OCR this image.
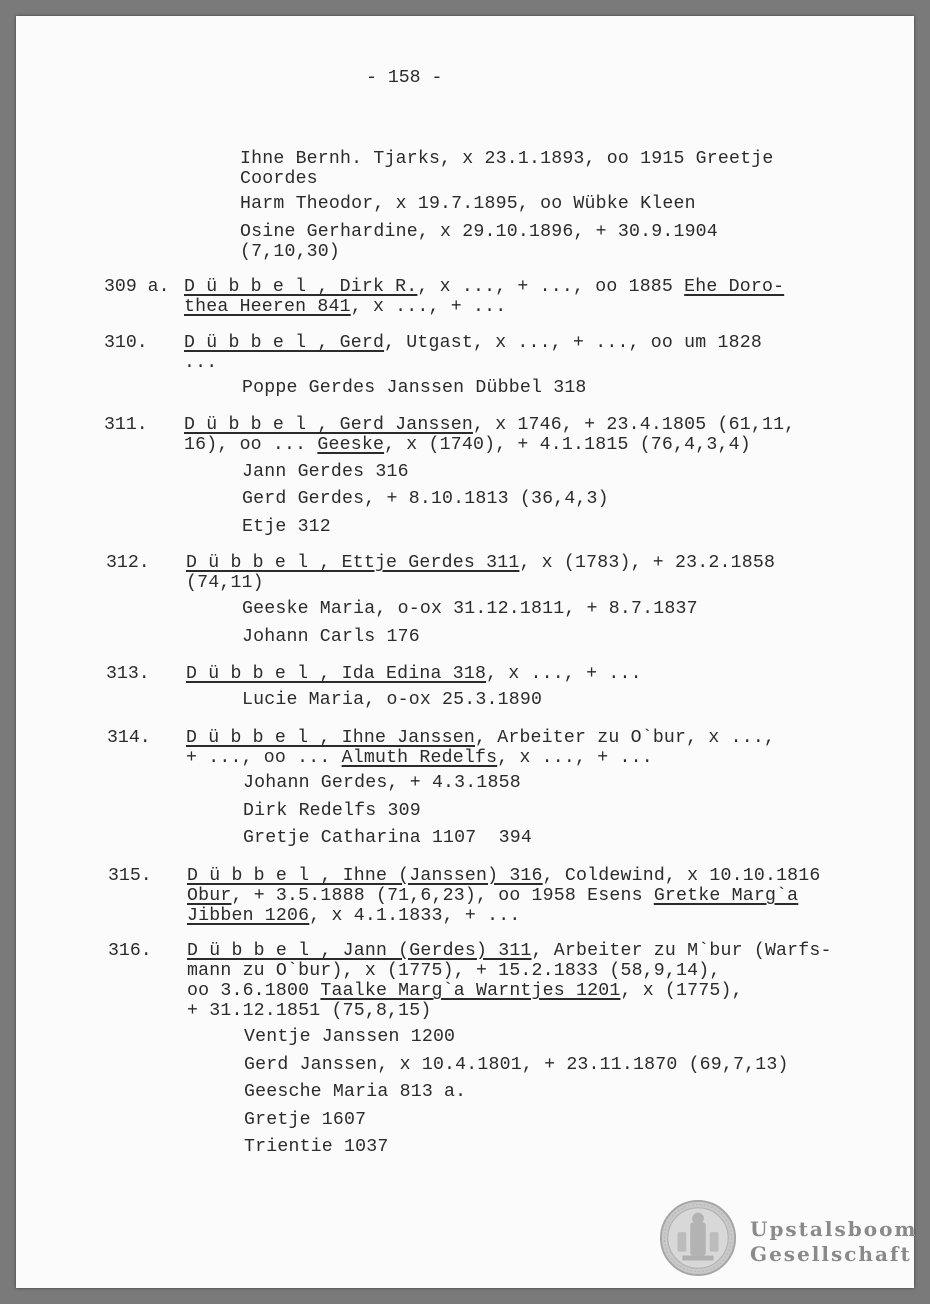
- 158 -
Ihne Bernh. Tjarks, x 23.1.1893, oo 1915 Greetje
Coordes
Harm Theodor, x 19.7.1895, oo Wübke Kleen
Osine Gerhardine, x 29.10.1896, + 30.9.1904
(7,10,30)
309 a. D ü b b e l , Dirk R., x ..., + ..., oo 1885 Ehe Doro-
thea Heeren 841, x ..., + ...
310. D ü b b e l , Gerd, Utgast, x ..., + ..., oo um 1828
...
Poppe Gerdes Janssen Dübbel 318
311. D ü b b e l , Gerd Janssen, x 1746, + 23.4.1805 (61,11,
16), oo ... Geeske, x (1740), + 4.1.1815 (76,4,3,4)
Jann Gerdes 316
Gerd Gerdes, + 8.10.1813 (36,4,3)
Etje 312
312. D ü b b e l , Ettje Gerdes 311, x (1783), + 23.2.1858
(74,11)
Geeske Maria, o-ox 31.12.1811, + 8.7.1837
Johann Carls 176
313. D ü b b e l , Ida Edina 318, x ..., + ...
Lucie Maria, o-ox 25.3.1890
314. D ü b b e l , Ihne Janssen, Arbeiter zu O`bur, x ...,
+ ..., oo ... Almuth Redelfs, x ..., + ...
Johann Gerdes, + 4.3.1858
Dirk Redelfs 309
Gretje Catharina 1107  394
315. D ü b b e l , Ihne (Janssen) 316, Coldewind, x 10.10.1816
Obur, + 3.5.1888 (71,6,23), oo 1958 Esens Gretke Marg`a
Jibben 1206, x 4.1.1833, + ...
316. D ü b b e l , Jann (Gerdes) 311, Arbeiter zu M`bur (Warfs-
mann zu O`bur), x (1775), + 15.2.1833 (58,9,14),
oo 3.6.1800 Taalke Marg`a Warntjes 1201, x (1775),
+ 31.12.1851 (75,8,15)
Ventje Janssen 1200
Gerd Janssen, x 10.4.1801, + 23.11.1870 (69,7,13)
Geesche Maria 813 a.
Gretje 1607
Trientie 1037
Upstalsboom
Gesellschaft
